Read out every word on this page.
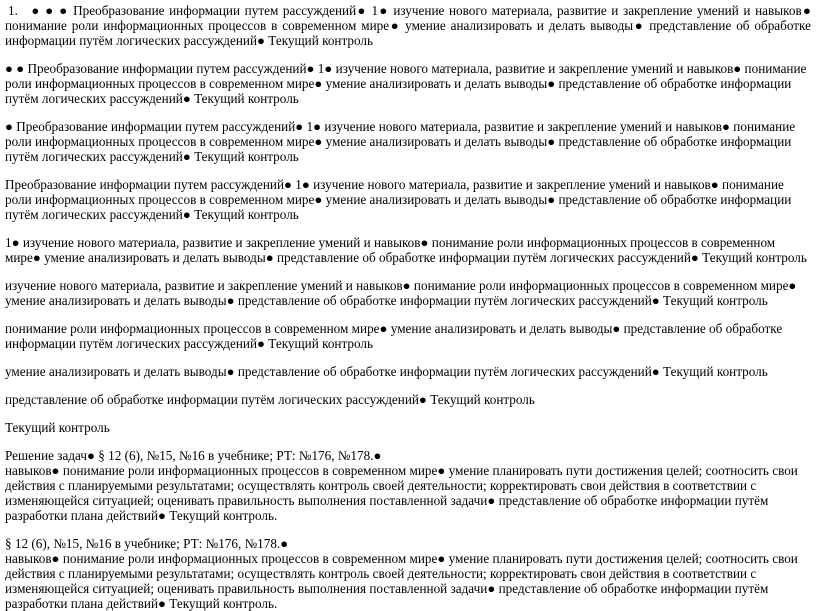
1. ● ● ● Преобразование информации путем рассуждений● 1● изучение нового материала, развитие и закрепление умений и навыков● понимание роли информационных процессов в современном мире● умение анализировать и делать выводы● представление об обработке информации путём логических рассуждений● Текущий контроль

● ● Преобразование информации путем рассуждений● 1● изучение нового материала, развитие и закрепление умений и навыков● понимание роли информационных процессов в современном мире● умение анализировать и делать выводы● представление об обработке информации путём логических рассуждений● Текущий контроль

● Преобразование информации путем рассуждений● 1● изучение нового материала, развитие и закрепление умений и навыков● понимание роли информационных процессов в современном мире● умение анализировать и делать выводы● представление об обработке информации путём логических рассуждений● Текущий контроль

Преобразование информации путем рассуждений● 1● изучение нового материала, развитие и закрепление умений и навыков● понимание роли информационных процессов в современном мире● умение анализировать и делать выводы● представление об обработке информации путём логических рассуждений● Текущий контроль

1● изучение нового материала, развитие и закрепление умений и навыков● понимание роли информационных процессов в современном мире● умение анализировать и делать выводы● представление об обработке информации путём логических рассуждений● Текущий контроль

изучение нового материала, развитие и закрепление умений и навыков● понимание роли информационных процессов в современном мире● умение анализировать и делать выводы● представление об обработке информации путём логических рассуждений● Текущий контроль

понимание роли информационных процессов в современном мире● умение анализировать и делать выводы● представление об обработке информации путём логических рассуждений● Текущий контроль

умение анализировать и делать выводы● представление об обработке информации путём логических рассуждений● Текущий контроль

представление об обработке информации путём логических рассуждений● Текущий контроль

Текущий контроль

Решение задач● § 12 (6), №15, №16 в учебнике; РТ: №176, №178.●

навыков● понимание роли информационных процессов в современном мире● умение планировать пути достижения целей; соотносить свои действия с планируемыми результатами; осуществлять контроль своей деятельности; корректировать свои действия в соответствии с изменяющейся ситуацией; оценивать правильность выполнения поставленной задачи● представление об обработке информации путём разработки плана действий● Текущий контроль.

§ 12 (6), №15, №16 в учебнике; РТ: №176, №178.●

навыков● понимание роли информационных процессов в современном мире● умение планировать пути достижения целей; соотносить свои действия с планируемыми результатами; осуществлять контроль своей деятельности; корректировать свои действия в соответствии с изменяющейся ситуацией; оценивать правильность выполнения поставленной задачи● представление об обработке информации путём разработки плана действий● Текущий контроль.
